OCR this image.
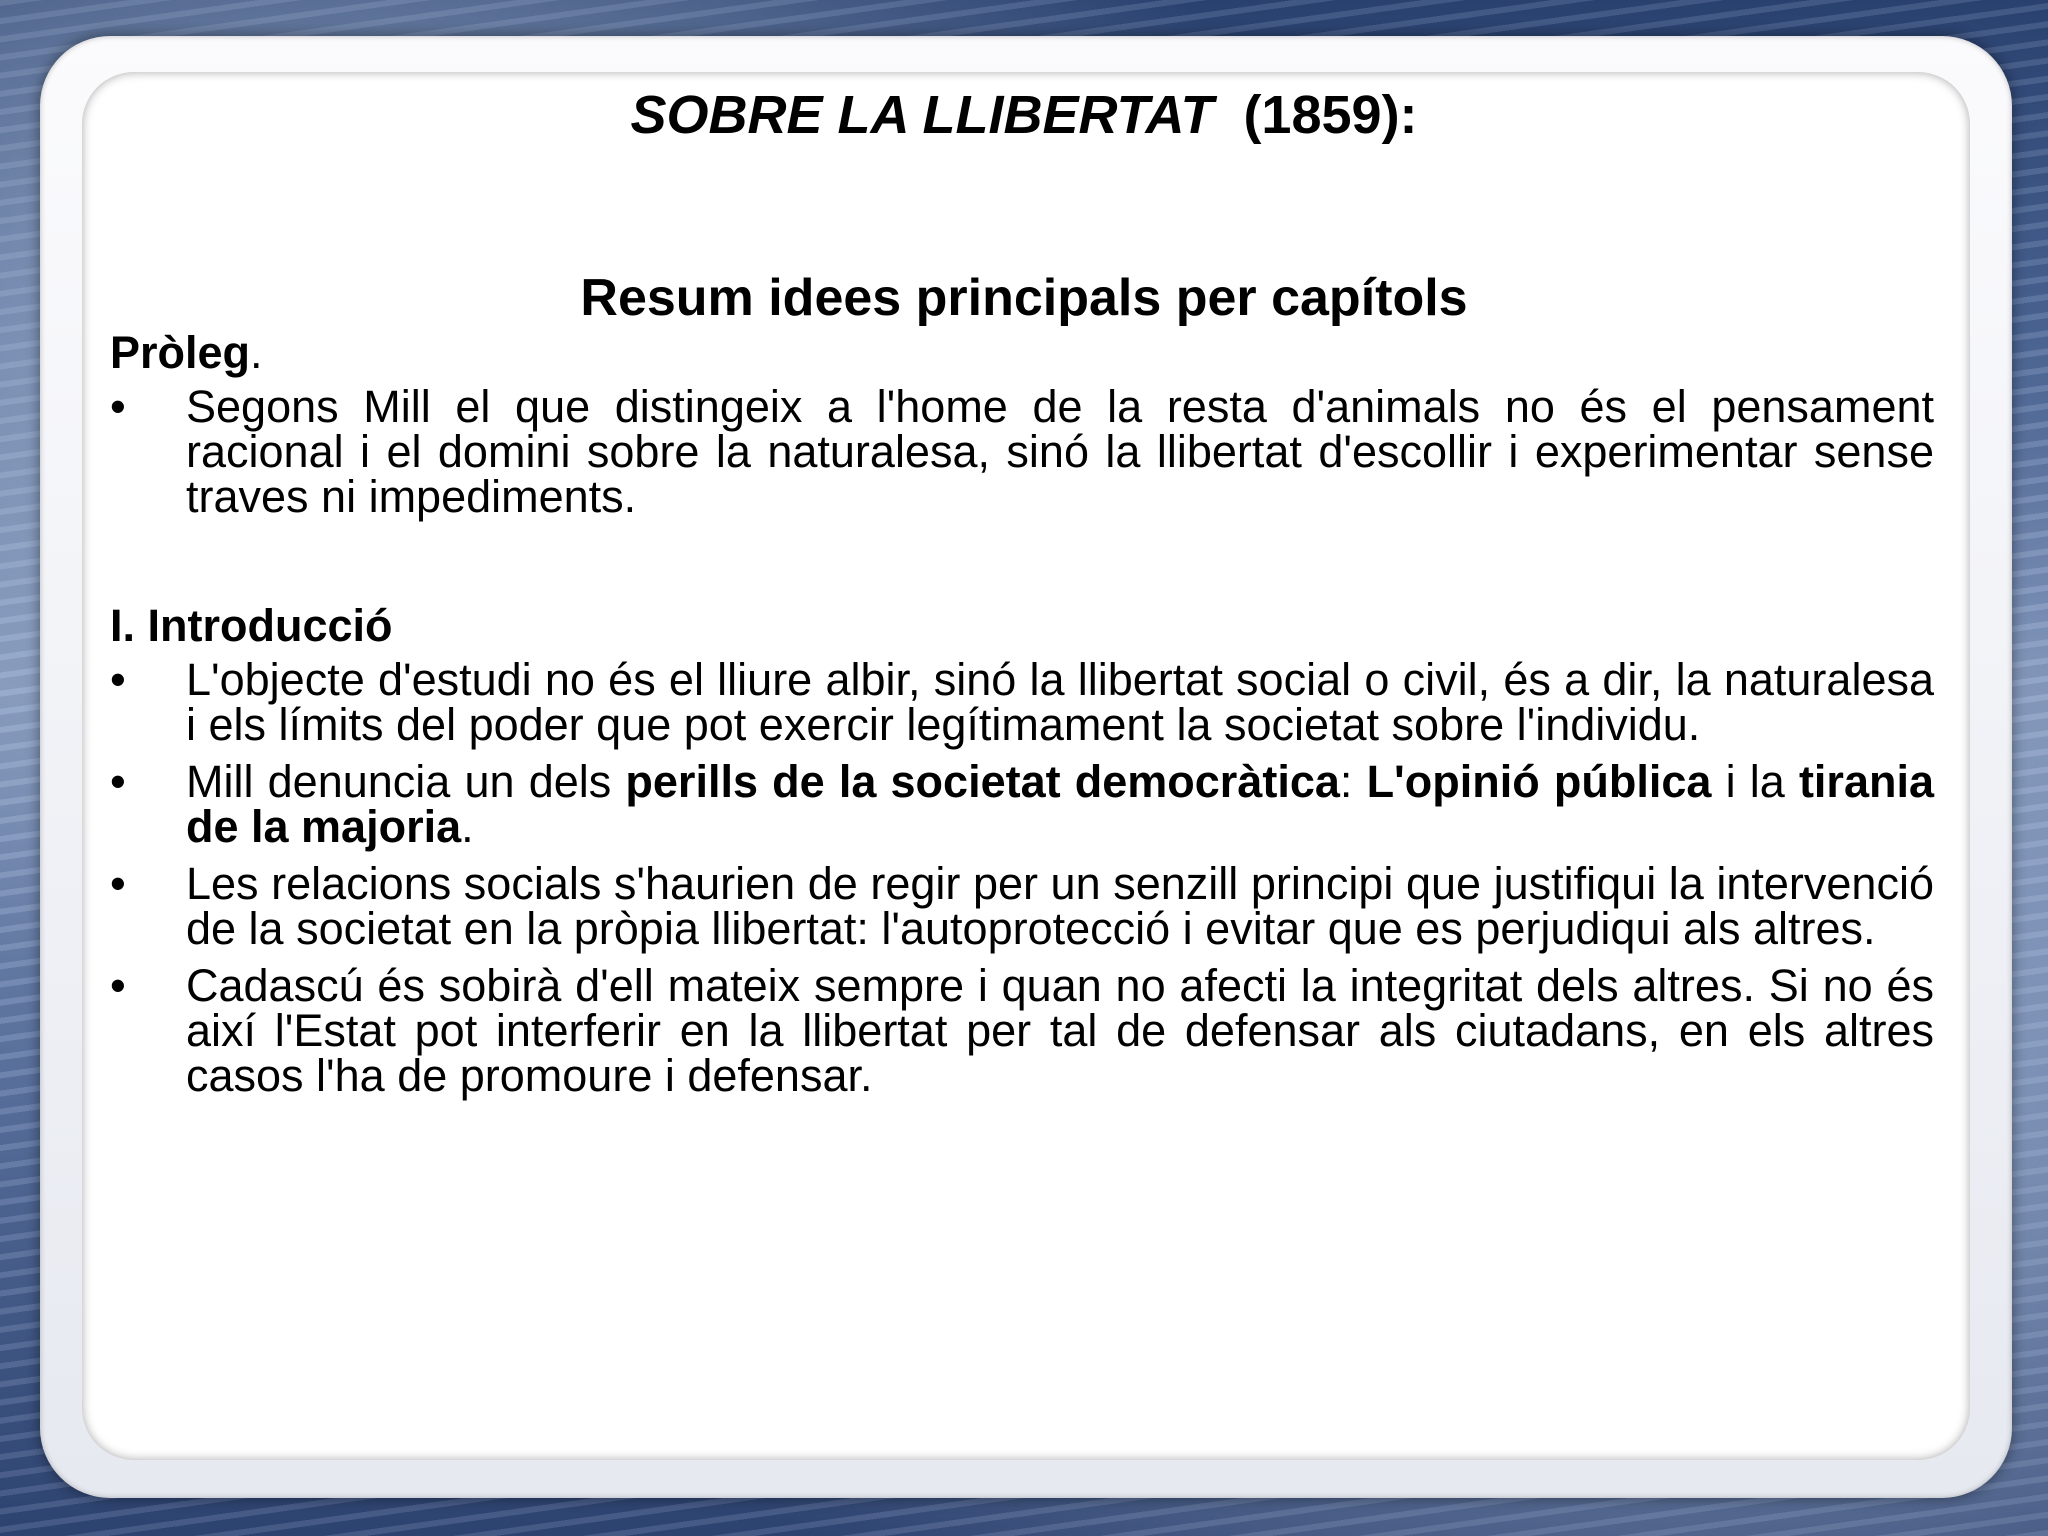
SOBRE LA LLIBERTAT (1859):
Resum idees principals per capítols

Pròleg.

•	Segons Mill el que distingeix a l'home de la resta d'animals no és el pensament racional i el domini sobre la naturalesa, sinó la llibertat d'escollir i experimentar sense traves ni impediments.

I. Introducció

•	L'objecte d'estudi no és el lliure albir, sinó la llibertat social o civil, és a dir, la naturalesa i els límits del poder que pot exercir legítimament la societat sobre l'individu.
•	Mill denuncia un dels perills de la societat democràtica: L'opinió pública i la tirania de la majoria.
•	Les relacions socials s'haurien de regir per un senzill principi que justifiqui la intervenció de la societat en la pròpia llibertat: l'autoprotecció i evitar que es perjudiqui als altres.
•	Cadascú és sobirà d'ell mateix sempre i quan no afecti la integritat dels altres. Si no és així l'Estat pot interferir en la llibertat per tal de defensar als ciutadans, en els altres casos l'ha de promoure i defensar.
